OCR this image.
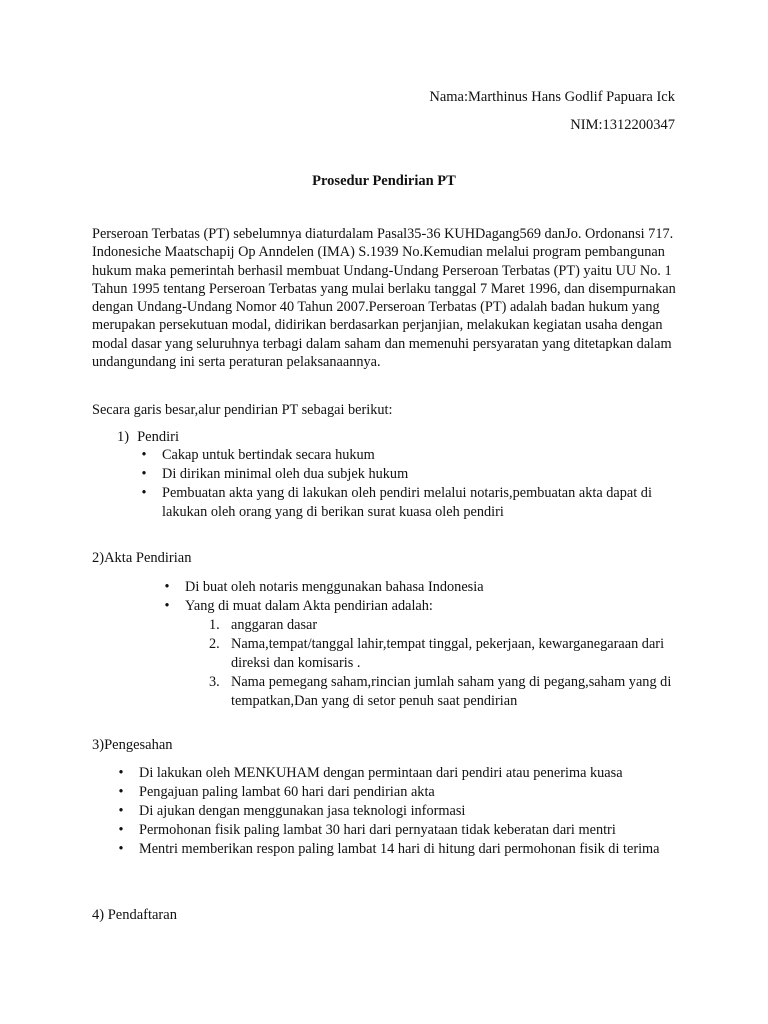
Nama:Marthinus Hans Godlif Papuara Ick
NIM:1312200347
Prosedur Pendirian PT
Perseroan Terbatas (PT) sebelumnya diaturdalam Pasal35-36 KUHDagang569 danJo. Ordonansi 717. Indonesiche Maatschapij Op Anndelen (IMA) S.1939 No.Kemudian melalui program pembangunan hukum maka pemerintah berhasil membuat Undang-Undang Perseroan Terbatas (PT) yaitu UU No. 1 Tahun 1995 tentang Perseroan Terbatas yang mulai berlaku tanggal 7 Maret 1996, dan disempurnakan dengan Undang-Undang Nomor 40 Tahun 2007.Perseroan Terbatas (PT) adalah badan hukum yang merupakan persekutuan modal, didirikan berdasarkan perjanjian, melakukan kegiatan usaha dengan modal dasar yang seluruhnya terbagi dalam saham dan memenuhi persyaratan yang ditetapkan dalam undangundang ini serta peraturan pelaksanaannya.
Secara garis besar,alur pendirian PT sebagai berikut:
1) Pendiri
• Cakap untuk bertindak secara hukum
• Di dirikan minimal oleh dua subjek hukum
• Pembuatan akta yang di lakukan oleh pendiri melalui notaris,pembuatan akta dapat di lakukan oleh orang yang di berikan surat kuasa oleh pendiri
2)Akta Pendirian
• Di buat oleh notaris menggunakan bahasa Indonesia
• Yang di muat dalam Akta pendirian adalah:
1. anggaran dasar
2. Nama,tempat/tanggal lahir,tempat tinggal, pekerjaan, kewarganegaraan dari direksi dan komisaris .
3. Nama pemegang saham,rincian jumlah saham yang di pegang,saham yang di tempatkan,Dan yang di setor penuh saat pendirian
3)Pengesahan
• Di lakukan oleh MENKUHAM dengan permintaan dari pendiri atau penerima kuasa
• Pengajuan paling lambat 60 hari dari pendirian akta
• Di ajukan dengan menggunakan jasa teknologi informasi
• Permohonan fisik paling lambat 30 hari dari pernyataan tidak keberatan dari mentri
• Mentri memberikan respon paling lambat 14 hari di hitung dari permohonan fisik di terima
4) Pendaftaran
